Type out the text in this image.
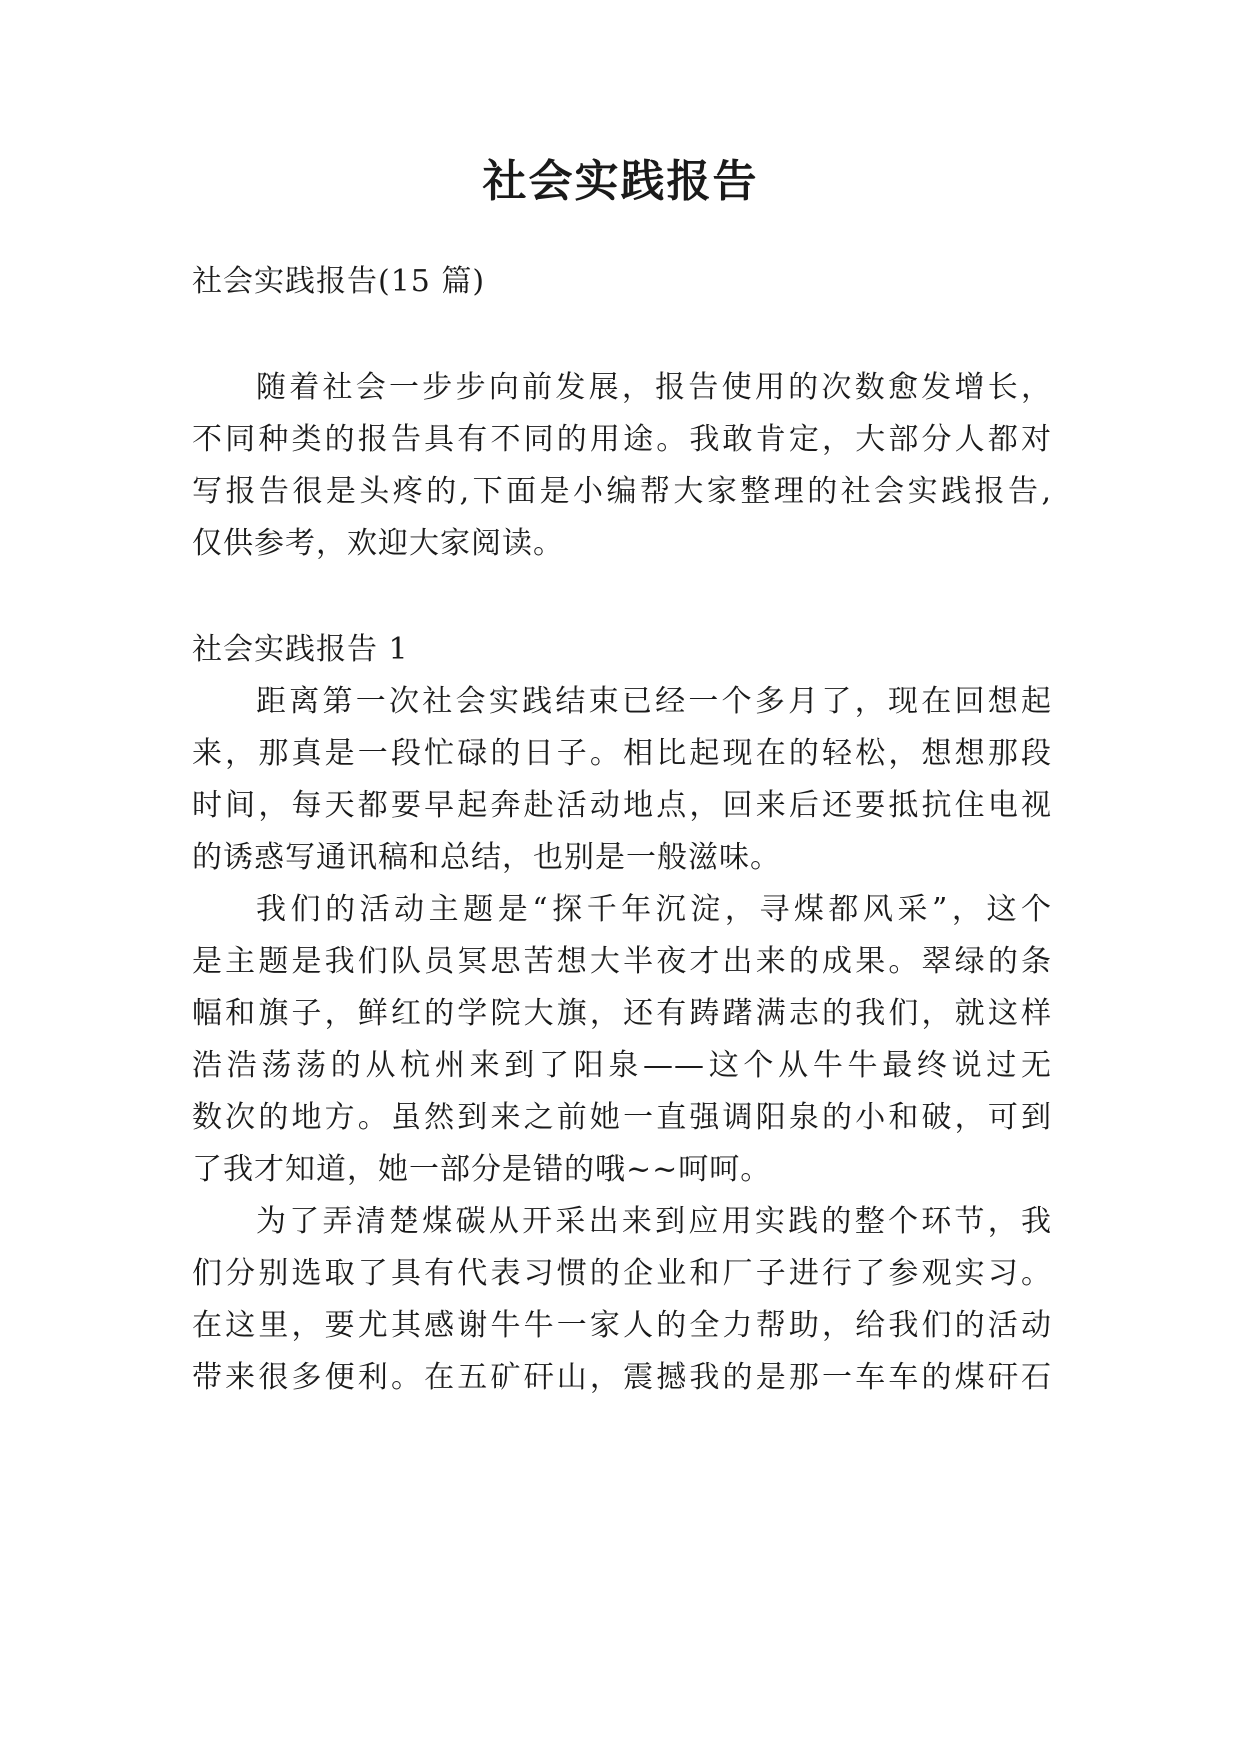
社会实践报告
社会实践报告(15 篇)
随着社会一步步向前发展，报告使用的次数愈发增长，
不同种类的报告具有不同的用途。我敢肯定，大部分人都对
写报告很是头疼的,下面是小编帮大家整理的社会实践报告,
仅供参考，欢迎大家阅读。
社会实践报告 1
距离第一次社会实践结束已经一个多月了，现在回想起
来，那真是一段忙碌的日子。相比起现在的轻松，想想那段
时间，每天都要早起奔赴活动地点，回来后还要抵抗住电视
的诱惑写通讯稿和总结，也别是一般滋味。
我们的活动主题是“探千年沉淀，寻煤都风采”，这个
是主题是我们队员冥思苦想大半夜才出来的成果。翠绿的条
幅和旗子，鲜红的学院大旗，还有踌躇满志的我们，就这样
浩浩荡荡的从杭州来到了阳泉——这个从牛牛最终说过无
数次的地方。虽然到来之前她一直强调阳泉的小和破，可到
了我才知道，她一部分是错的哦~~呵呵。
为了弄清楚煤碳从开采出来到应用实践的整个环节，我
们分别选取了具有代表习惯的企业和厂子进行了参观实习。
在这里，要尤其感谢牛牛一家人的全力帮助，给我们的活动
带来很多便利。在五矿矸山，震撼我的是那一车车的煤矸石
